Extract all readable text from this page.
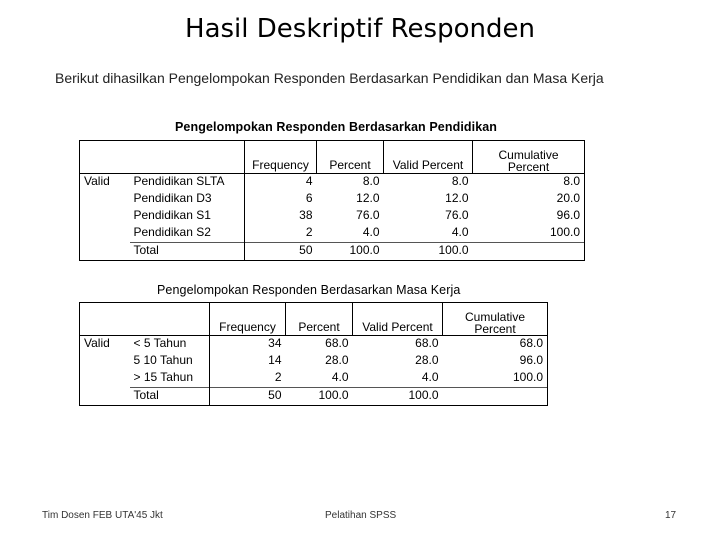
Hasil Deskriptif Responden
Berikut dihasilkan Pengelompokan Responden Berdasarkan Pendidikan dan Masa Kerja
Pengelompokan Responden Berdasarkan Pendidikan
		Frequency	Percent	Valid Percent	Cumulative Percent
Valid	Pendidikan SLTA	4	8.0	8.0	8.0
	Pendidikan D3	6	12.0	12.0	20.0
	Pendidikan S1	38	76.0	76.0	96.0
	Pendidikan S2	2	4.0	4.0	100.0
	Total	50	100.0	100.0	
Pengelompokan Responden Berdasarkan Masa Kerja
		Frequency	Percent	Valid Percent	Cumulative Percent
Valid	< 5 Tahun	34	68.0	68.0	68.0
	5 10 Tahun	14	28.0	28.0	96.0
	> 15 Tahun	2	4.0	4.0	100.0
	Total	50	100.0	100.0	
Tim Dosen FEB UTA'45 Jkt	Pelatihan SPSS	17
